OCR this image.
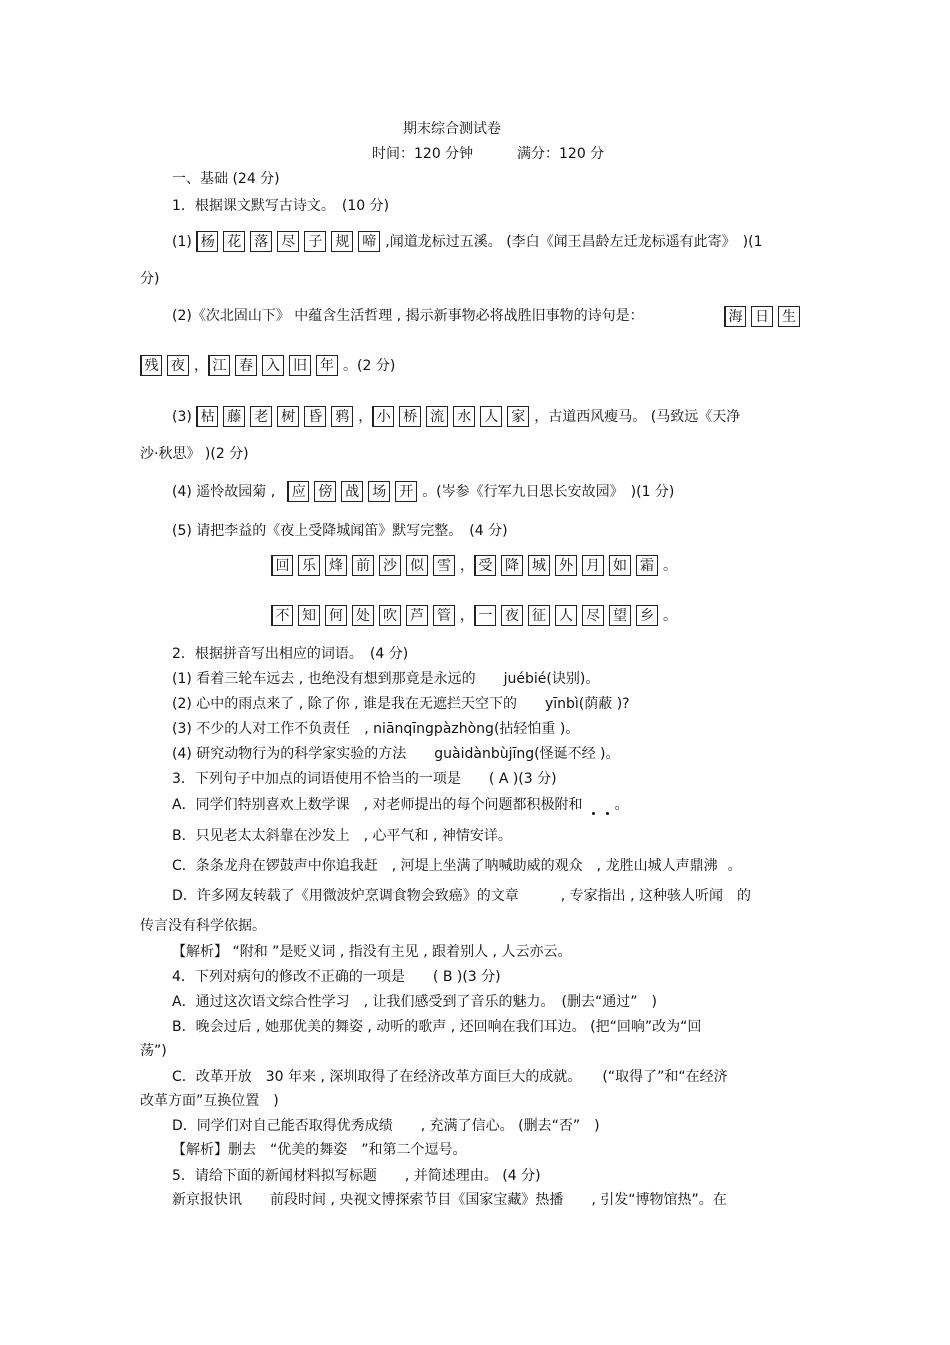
期末综合测试卷
时间：120 分钟	满分：120 分
一、基础 (24 分)
1．根据课文默写古诗文。　(10 分)
(1) 杨 花 落 尽 子 规 啼 ,闻道龙标过五溪。 (李白《闻王昌龄左迁龙标遥有此寄》　)(1
分)
(2)《次北固山下》 中蕴含生活哲理 , 揭示新事物必将战胜旧事物的诗句是：	海 日 生
残 夜 ， 江 春 入 旧 年 。(2 分)
(3) 枯 藤 老 树 昏 鸦 ， 小 桥 流 水 人 家 ，古道西风瘦马。 (马致远《天净
沙·秋思》 )(2 分)
(4) 遥怜故园菊 ,	应 傍 战 场 开 。(岑参《行军九日思长安故园》　)(1 分)
(5) 请把李益的《夜上受降城闻笛》默写完整。　(4 分)
回 乐 烽 前 沙 似 雪 ， 受 降 城 外 月 如 霜 。
不 知 何 处 吹 芦 管 ， 一 夜 征 人 尽 望 乡 。
2．根据拼音写出相应的词语。　(4 分)
(1) 看着三轮车远去 , 也绝没有想到那竟是永远的　　juébié(诀别)。
(2) 心中的雨点来了 , 除了你 , 谁是我在无遮拦天空下的　　yīnbì(荫蔽 )?
(3) 不少的人对工作不负责任　, niānqīngpàzhòng(拈轻怕重 )。
(4) 研究动物行为的科学家实验的方法　　guàidànbùjīng(怪诞不经 )。
3．下列句子中加点的词语使用不恰当的一项是　　( A )(3 分)
A．同学们特别喜欢上数学课　, 对老师提出的每个问题都积极附和 。
B．只见老太太斜靠在沙发上　, 心平气和 , 神情安详。
C．条条龙舟在锣鼓声中你追我赶　, 河堤上坐满了呐喊助威的观众　, 龙胜山城人声鼎沸 。
D．许多网友转载了《用微波炉烹调食物会致癌》的文章　　　, 专家指出 , 这种骇人听闻　的
传言没有科学依据。
【解析】 “附和 ”是贬义词 , 指没有主见 , 跟着别人 , 人云亦云。
4．下列对病句的修改不正确的一项是　　( B )(3 分)
A．通过这次语文综合性学习　, 让我们感受到了音乐的魅力。　(删去“通过”　)
B．晚会过后 , 她那优美的舞姿 , 动听的歌声 , 还回响在我们耳边。 (把“回响”改为“回
荡”)
C．改革开放　30 年来 , 深圳取得了在经济改革方面巨大的成就。　　(“取得了”和“在经济
改革方面”互换位置　)
D．同学们对自己能否取得优秀成绩　　, 充满了信心。 (删去“否”　)
【解析】删去　“优美的舞姿　”和第二个逗号。
5．请给下面的新闻材料拟写标题　　, 并简述理由。 (4 分)
新京报快讯　　前段时间 , 央视文博探索节目《国家宝藏》热播　　, 引发“博物馆热”。在
